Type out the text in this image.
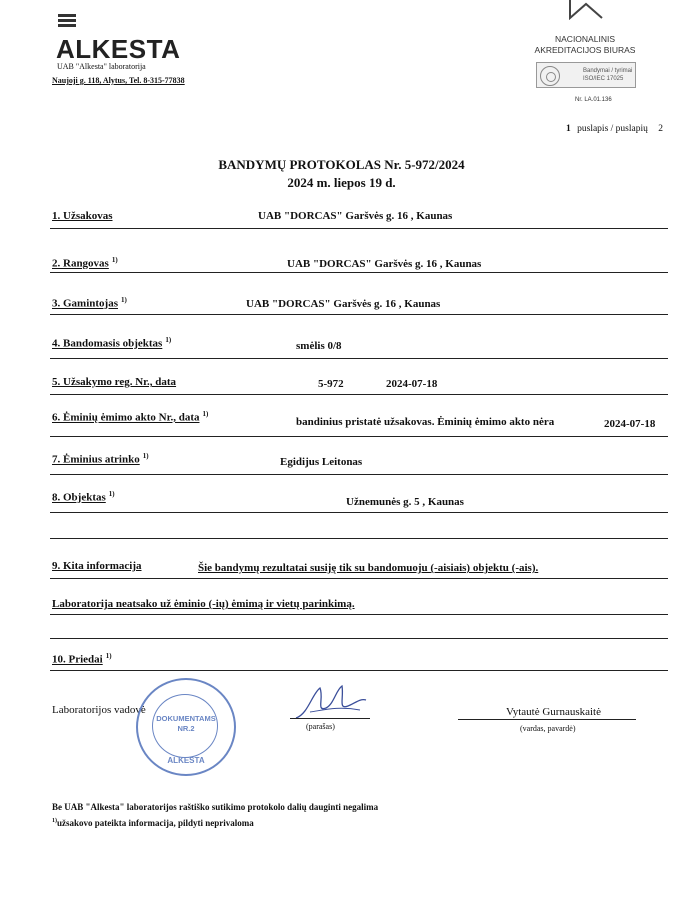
ALKESTA
UAB "Alkesta" laboratorija
Naujoji g. 118, Alytus, Tel. 8-315-77838
NACIONALINIS
AKREDITACIJOS BIURAS
Bandymai / tyrimai
ISO/IEC 17025
Nr. LA.01.136
1 puslapis / puslapių 2
BANDYMŲ PROTOKOLAS Nr. 5-972/2024
2024 m. liepos 19 d.
1. Užsakovas	UAB "DORCAS" Garšvės g. 16 , Kaunas
2. Rangovas $^{1)}$	UAB "DORCAS" Garšvės g. 16 , Kaunas
3. Gamintojas $^{1)}$	UAB "DORCAS" Garšvės g. 16 , Kaunas
4. Bandomasis objektas $^{1)}$	smėlis 0/8
5. Užsakymo reg. Nr., data	5-972	2024-07-18
6. Ėminių ėmimo akto Nr., data $^{1)}$
bandinius pristatė užsakovas. Ėminių ėmimo akto nėra	2024-07-18
7. Ėminius atrinko $^{1)}$	Egidijus Leitonas
8. Objektas $^{1)}$
Užnemunės g. 5 , Kaunas
9. Kita informacija	Šie bandymų rezultatai susiję tik su bandomuoju (-aisiais) objektu (-ais).
Laboratorija neatsako už ėminio (-ių) ėmimą ir vietų parinkimą.
10. Priedai $^{1)}$
Laboratorijos vadovė
DOKUMENTAMS
NR.2
ALKESTA
(parašas)
Vytautė Gurnauskaitė
(vardas, pavardė)
Be UAB "Alkesta" laboratorijos raštiško sutikimo protokolo dalių dauginti negalima
$^{1)}$užsakovo pateikta informacija, pildyti neprivaloma
